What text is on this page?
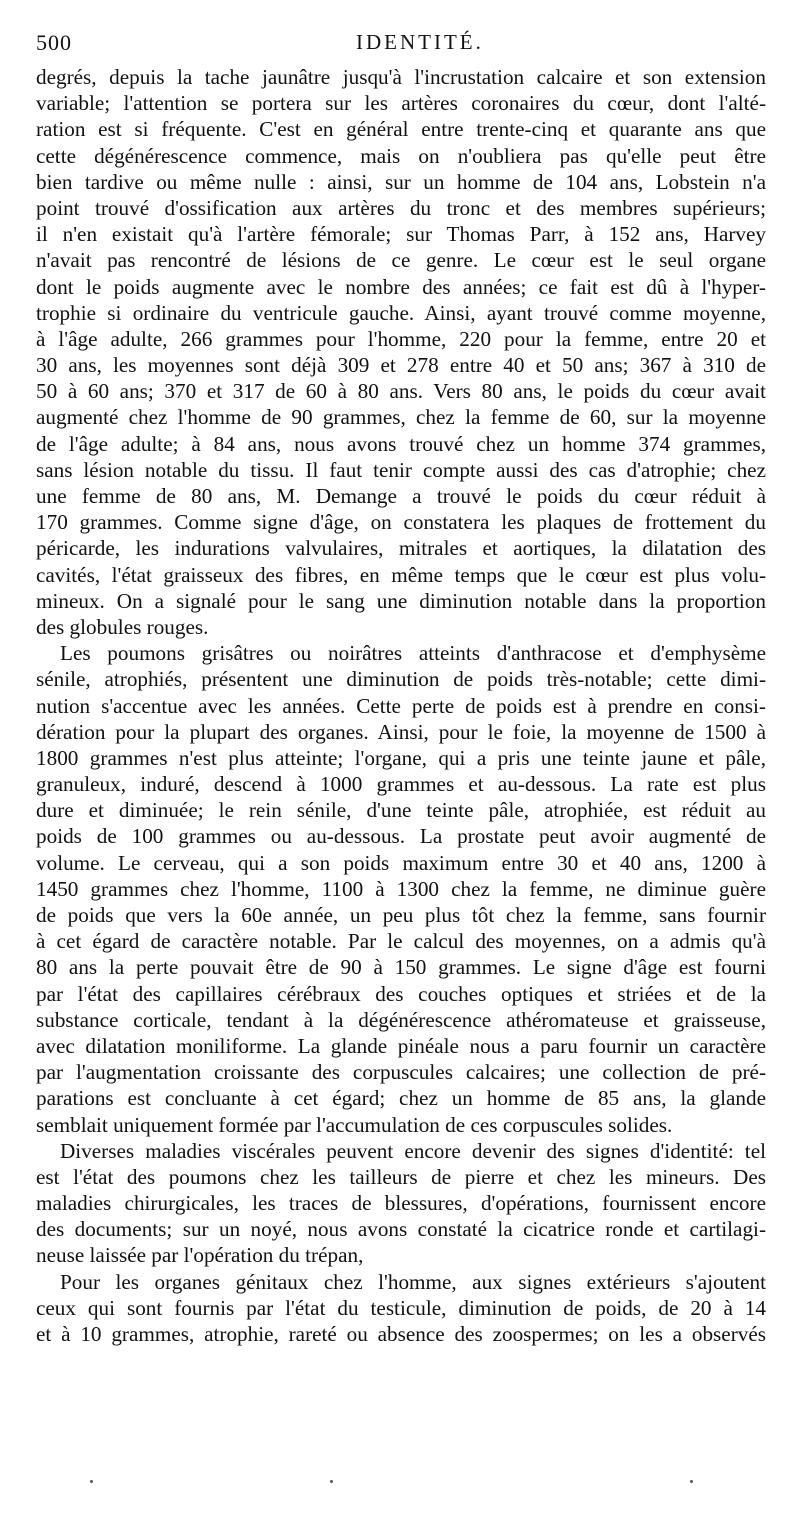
500	IDENTITÉ.
degrés, depuis la tache jaunâtre jusqu'à l'incrustation calcaire et son extension
variable; l'attention se portera sur les artères coronaires du cœur, dont l'alté-
ration est si fréquente. C'est en général entre trente-cinq et quarante ans que
cette dégénérescence commence, mais on n'oubliera pas qu'elle peut être
bien tardive ou même nulle : ainsi, sur un homme de 104 ans, Lobstein n'a
point trouvé d'ossification aux artères du tronc et des membres supérieurs;
il n'en existait qu'à l'artère fémorale; sur Thomas Parr, à 152 ans, Harvey
n'avait pas rencontré de lésions de ce genre. Le cœur est le seul organe
dont le poids augmente avec le nombre des années; ce fait est dû à l'hyper-
trophie si ordinaire du ventricule gauche. Ainsi, ayant trouvé comme moyenne,
à l'âge adulte, 266 grammes pour l'homme, 220 pour la femme, entre 20 et
30 ans, les moyennes sont déjà 309 et 278 entre 40 et 50 ans; 367 à 310 de
50 à 60 ans; 370 et 317 de 60 à 80 ans. Vers 80 ans, le poids du cœur avait
augmenté chez l'homme de 90 grammes, chez la femme de 60, sur la moyenne
de l'âge adulte; à 84 ans, nous avons trouvé chez un homme 374 grammes,
sans lésion notable du tissu. Il faut tenir compte aussi des cas d'atrophie; chez
une femme de 80 ans, M. Demange a trouvé le poids du cœur réduit à
170 grammes. Comme signe d'âge, on constatera les plaques de frottement du
péricarde, les indurations valvulaires, mitrales et aortiques, la dilatation des
cavités, l'état graisseux des fibres, en même temps que le cœur est plus volu-
mineux. On a signalé pour le sang une diminution notable dans la proportion
des globules rouges.
Les poumons grisâtres ou noirâtres atteints d'anthracose et d'emphysème
sénile, atrophiés, présentent une diminution de poids très-notable; cette dimi-
nution s'accentue avec les années. Cette perte de poids est à prendre en consi-
dération pour la plupart des organes. Ainsi, pour le foie, la moyenne de 1500 à
1800 grammes n'est plus atteinte; l'organe, qui a pris une teinte jaune et pâle,
granuleux, induré, descend à 1000 grammes et au-dessous. La rate est plus
dure et diminuée; le rein sénile, d'une teinte pâle, atrophiée, est réduit au
poids de 100 grammes ou au-dessous. La prostate peut avoir augmenté de
volume. Le cerveau, qui a son poids maximum entre 30 et 40 ans, 1200 à
1450 grammes chez l'homme, 1100 à 1300 chez la femme, ne diminue guère
de poids que vers la 60e année, un peu plus tôt chez la femme, sans fournir
à cet égard de caractère notable. Par le calcul des moyennes, on a admis qu'à
80 ans la perte pouvait être de 90 à 150 grammes. Le signe d'âge est fourni
par l'état des capillaires cérébraux des couches optiques et striées et de la
substance corticale, tendant à la dégénérescence athéromateuse et graisseuse,
avec dilatation moniliforme. La glande pinéale nous a paru fournir un caractère
par l'augmentation croissante des corpuscules calcaires; une collection de pré-
parations est concluante à cet égard; chez un homme de 85 ans, la glande
semblait uniquement formée par l'accumulation de ces corpuscules solides.
Diverses maladies viscérales peuvent encore devenir des signes d'identité: tel
est l'état des poumons chez les tailleurs de pierre et chez les mineurs. Des
maladies chirurgicales, les traces de blessures, d'opérations, fournissent encore
des documents; sur un noyé, nous avons constaté la cicatrice ronde et cartilagi-
neuse laissée par l'opération du trépan,
Pour les organes génitaux chez l'homme, aux signes extérieurs s'ajoutent
ceux qui sont fournis par l'état du testicule, diminution de poids, de 20 à 14
et à 10 grammes, atrophie, rareté ou absence des zoospermes; on les a observés
